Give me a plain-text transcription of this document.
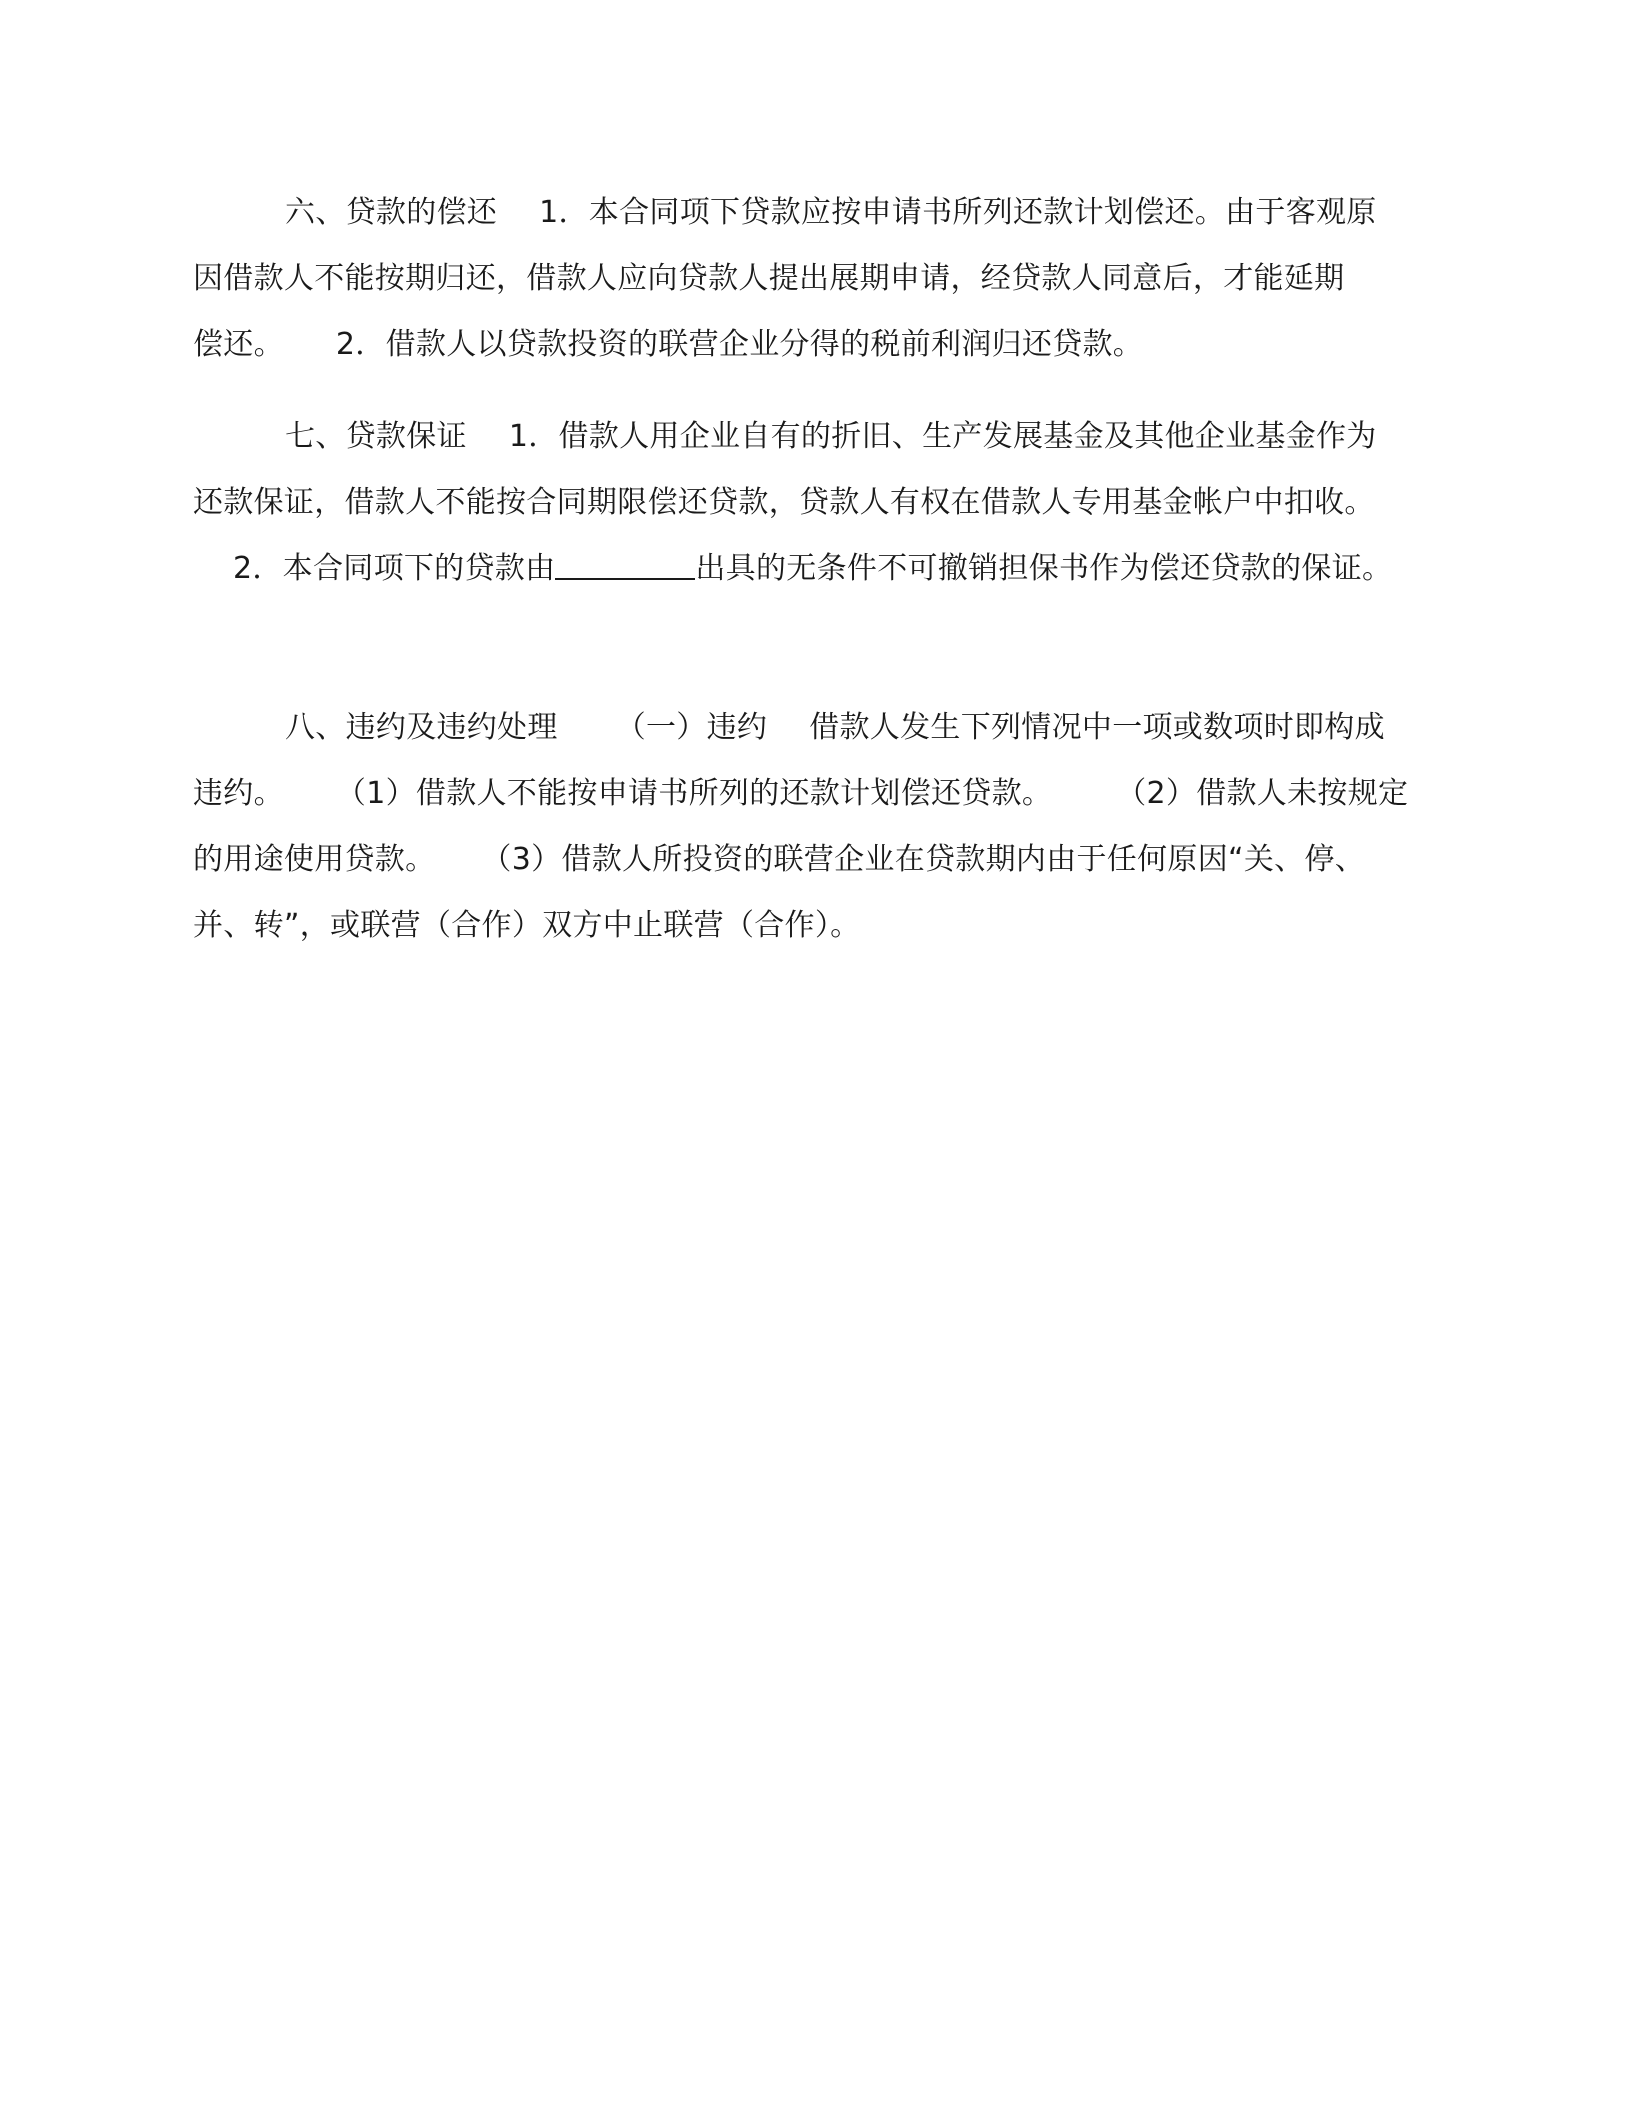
六、贷款的偿还 1．本合同项下贷款应按申请书所列还款计划偿还。由于客观原
因借款人不能按期归还，借款人应向贷款人提出展期申请，经贷款人同意后，才能延期
偿还。 2．借款人以贷款投资的联营企业分得的税前利润归还贷款。
七、贷款保证 1．借款人用企业自有的折旧、生产发展基金及其他企业基金作为
还款保证，借款人不能按合同期限偿还贷款，贷款人有权在借款人专用基金帐户中扣收。
2．本合同项下的贷款由	出具的无条件不可撤销担保书作为偿还贷款的保证。
八、违约及违约处理 （一）违约 借款人发生下列情况中一项或数项时即构成
违约。 （1）借款人不能按申请书所列的还款计划偿还贷款。 （2）借款人未按规定
的用途使用贷款。 （3）借款人所投资的联营企业在贷款期内由于任何原因“关、停、
并、转”，或联营（合作）双方中止联营（合作）。
